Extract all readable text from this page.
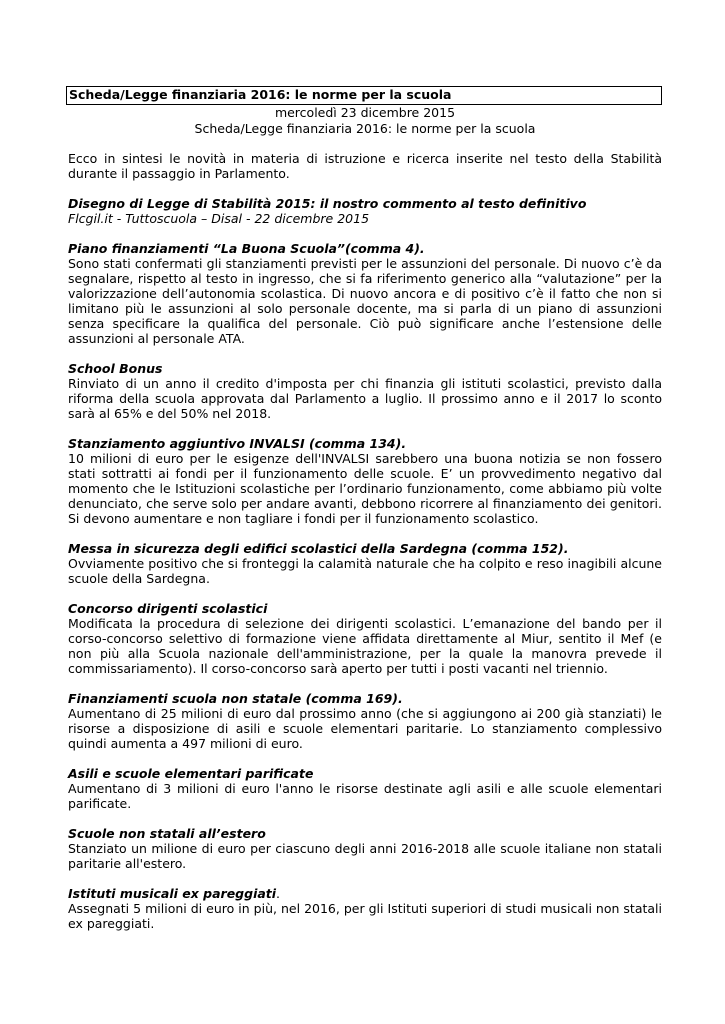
Scheda/Legge finanziaria 2016: le norme per la scuola
mercoledì 23 dicembre 2015
Scheda/Legge finanziaria 2016: le norme per la scuola

Ecco in sintesi le novità in materia di istruzione e ricerca inserite nel testo della Stabilità durante il passaggio in Parlamento.

Disegno di Legge di Stabilità 2015: il nostro commento al testo definitivo

Flcgil.it - Tuttoscuola – Disal - 22 dicembre 2015

Piano finanziamenti “La Buona Scuola”(comma 4).

Sono stati confermati gli stanziamenti previsti per le assunzioni del personale. Di nuovo c’è da segnalare, rispetto al testo in ingresso, che si fa riferimento generico alla “valutazione” per la valorizzazione dell’autonomia scolastica. Di nuovo ancora e di positivo c’è il fatto che non si limitano più le assunzioni al solo personale docente, ma si parla di un piano di assunzioni senza specificare la qualifica del personale. Ciò può significare anche l’estensione delle assunzioni al personale ATA.

School Bonus

Rinviato di un anno il credito d'imposta per chi finanzia gli istituti scolastici, previsto dalla riforma della scuola approvata dal Parlamento a luglio. Il prossimo anno e il 2017 lo sconto sarà al 65% e del 50% nel 2018.

Stanziamento aggiuntivo INVALSI (comma 134).

10 milioni di euro per le esigenze dell'INVALSI sarebbero una buona notizia se non fossero stati sottratti ai fondi per il funzionamento delle scuole. E’ un provvedimento negativo dal momento che le Istituzioni scolastiche per l’ordinario funzionamento, come abbiamo più volte denunciato, che serve solo per andare avanti, debbono ricorrere al finanziamento dei genitori. Si devono aumentare e non tagliare i fondi per il funzionamento scolastico.

Messa in sicurezza degli edifici scolastici della Sardegna (comma 152).

Ovviamente positivo che si fronteggi la calamità naturale che ha colpito e reso inagibili alcune scuole della Sardegna.

Concorso dirigenti scolastici

Modificata la procedura di selezione dei dirigenti scolastici. L’emanazione del bando per il corso-concorso selettivo di formazione viene affidata direttamente al Miur, sentito il Mef (e non più alla Scuola nazionale dell'amministrazione, per la quale la manovra prevede il commissariamento). Il corso-concorso sarà aperto per tutti i posti vacanti nel triennio.

Finanziamenti scuola non statale (comma 169).

Aumentano di 25 milioni di euro dal prossimo anno (che si aggiungono ai 200 già stanziati) le risorse a disposizione di asili e scuole elementari paritarie. Lo stanziamento complessivo quindi aumenta a 497 milioni di euro.

Asili e scuole elementari parificate

Aumentano di 3 milioni di euro l'anno le risorse destinate agli asili e alle scuole elementari parificate.

Scuole non statali all’estero

Stanziato un milione di euro per ciascuno degli anni 2016-2018 alle scuole italiane non statali paritarie all'estero.

Istituti musicali ex pareggiati.

Assegnati 5 milioni di euro in più, nel 2016, per gli Istituti superiori di studi musicali non statali ex pareggiati.
